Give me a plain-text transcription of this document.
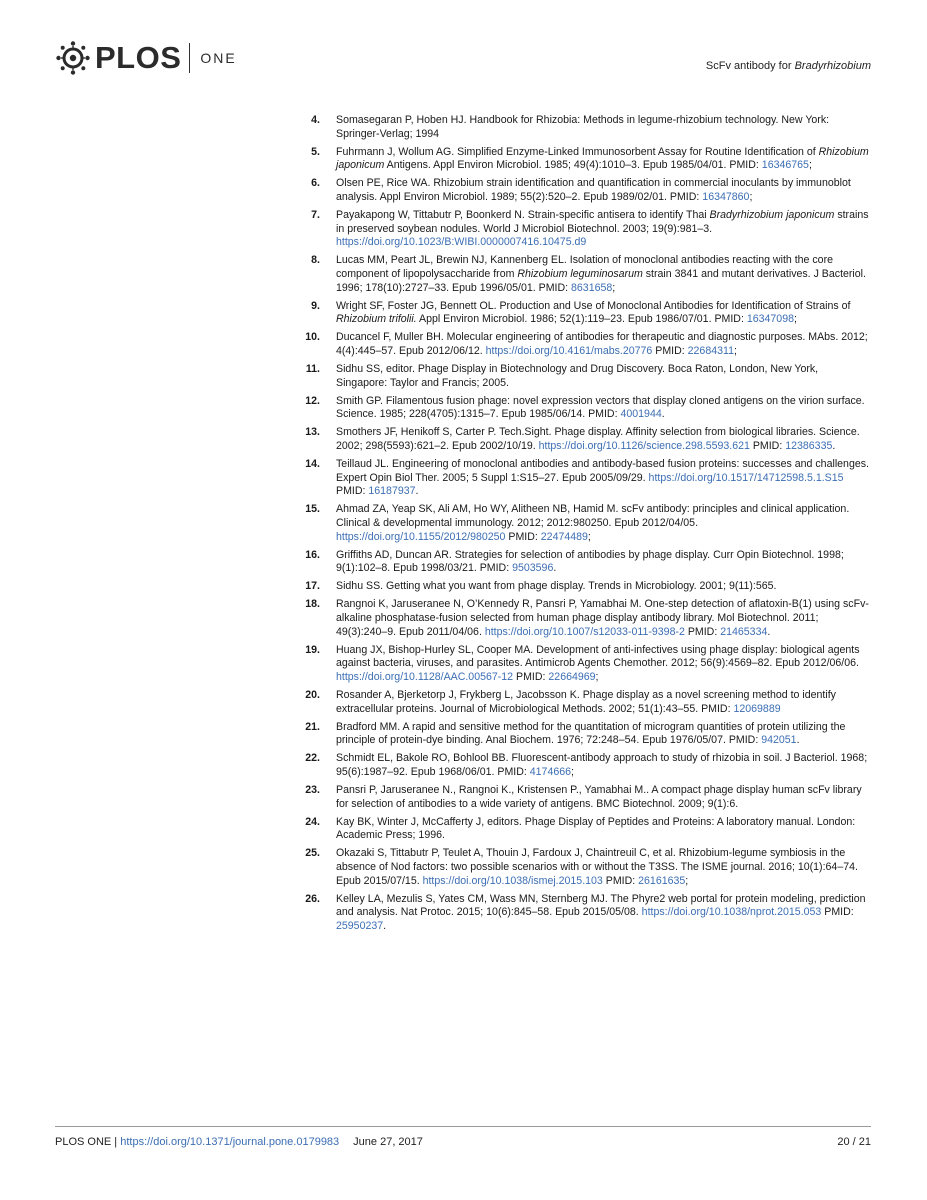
PLOS ONE	ScFv antibody for Bradyrhizobium
4. Somasegaran P, Hoben HJ. Handbook for Rhizobia: Methods in legume-rhizobium technology. New York: Springer-Verlag; 1994
5. Fuhrmann J, Wollum AG. Simplified Enzyme-Linked Immunosorbent Assay for Routine Identification of Rhizobium japonicum Antigens. Appl Environ Microbiol. 1985; 49(4):1010–3. Epub 1985/04/01. PMID: 16346765;
6. Olsen PE, Rice WA. Rhizobium strain identification and quantification in commercial inoculants by immunoblot analysis. Appl Environ Microbiol. 1989; 55(2):520–2. Epub 1989/02/01. PMID: 16347860;
7. Payakapong W, Tittabutr P, Boonkerd N. Strain-specific antisera to identify Thai Bradyrhizobium japonicum strains in preserved soybean nodules. World J Microbiol Biotechnol. 2003; 19(9):981–3. https://doi.org/10.1023/B:WIBI.0000007416.10475.d9
8. Lucas MM, Peart JL, Brewin NJ, Kannenberg EL. Isolation of monoclonal antibodies reacting with the core component of lipopolysaccharide from Rhizobium leguminosarum strain 3841 and mutant derivatives. J Bacteriol. 1996; 178(10):2727–33. Epub 1996/05/01. PMID: 8631658;
9. Wright SF, Foster JG, Bennett OL. Production and Use of Monoclonal Antibodies for Identification of Strains of Rhizobium trifolii. Appl Environ Microbiol. 1986; 52(1):119–23. Epub 1986/07/01. PMID: 16347098;
10. Ducancel F, Muller BH. Molecular engineering of antibodies for therapeutic and diagnostic purposes. MAbs. 2012; 4(4):445–57. Epub 2012/06/12. https://doi.org/10.4161/mabs.20776 PMID: 22684311;
11. Sidhu SS, editor. Phage Display in Biotechnology and Drug Discovery. Boca Raton, London, New York, Singapore: Taylor and Francis; 2005.
12. Smith GP. Filamentous fusion phage: novel expression vectors that display cloned antigens on the virion surface. Science. 1985; 228(4705):1315–7. Epub 1985/06/14. PMID: 4001944.
13. Smothers JF, Henikoff S, Carter P. Tech.Sight. Phage display. Affinity selection from biological libraries. Science. 2002; 298(5593):621–2. Epub 2002/10/19. https://doi.org/10.1126/science.298.5593.621 PMID: 12386335.
14. Teillaud JL. Engineering of monoclonal antibodies and antibody-based fusion proteins: successes and challenges. Expert Opin Biol Ther. 2005; 5 Suppl 1:S15–27. Epub 2005/09/29. https://doi.org/10.1517/14712598.5.1.S15 PMID: 16187937.
15. Ahmad ZA, Yeap SK, Ali AM, Ho WY, Alitheen NB, Hamid M. scFv antibody: principles and clinical application. Clinical & developmental immunology. 2012; 2012:980250. Epub 2012/04/05. https://doi.org/10.1155/2012/980250 PMID: 22474489;
16. Griffiths AD, Duncan AR. Strategies for selection of antibodies by phage display. Curr Opin Biotechnol. 1998; 9(1):102–8. Epub 1998/03/21. PMID: 9503596.
17. Sidhu SS. Getting what you want from phage display. Trends in Microbiology. 2001; 9(11):565.
18. Rangnoi K, Jaruseranee N, O’Kennedy R, Pansri P, Yamabhai M. One-step detection of aflatoxin-B(1) using scFv-alkaline phosphatase-fusion selected from human phage display antibody library. Mol Biotechnol. 2011; 49(3):240–9. Epub 2011/04/06. https://doi.org/10.1007/s12033-011-9398-2 PMID: 21465334.
19. Huang JX, Bishop-Hurley SL, Cooper MA. Development of anti-infectives using phage display: biological agents against bacteria, viruses, and parasites. Antimicrob Agents Chemother. 2012; 56(9):4569–82. Epub 2012/06/06. https://doi.org/10.1128/AAC.00567-12 PMID: 22664969;
20. Rosander A, Bjerketorp J, Frykberg L, Jacobsson K. Phage display as a novel screening method to identify extracellular proteins. Journal of Microbiological Methods. 2002; 51(1):43–55. PMID: 12069889
21. Bradford MM. A rapid and sensitive method for the quantitation of microgram quantities of protein utilizing the principle of protein-dye binding. Anal Biochem. 1976; 72:248–54. Epub 1976/05/07. PMID: 942051.
22. Schmidt EL, Bakole RO, Bohlool BB. Fluorescent-antibody approach to study of rhizobia in soil. J Bacteriol. 1968; 95(6):1987–92. Epub 1968/06/01. PMID: 4174666;
23. Pansri P, Jaruseranee N., Rangnoi K., Kristensen P., Yamabhai M.. A compact phage display human scFv library for selection of antibodies to a wide variety of antigens. BMC Biotechnol. 2009; 9(1):6.
24. Kay BK, Winter J, McCafferty J, editors. Phage Display of Peptides and Proteins: A laboratory manual. London: Academic Press; 1996.
25. Okazaki S, Tittabutr P, Teulet A, Thouin J, Fardoux J, Chaintreuil C, et al. Rhizobium-legume symbiosis in the absence of Nod factors: two possible scenarios with or without the T3SS. The ISME journal. 2016; 10(1):64–74. Epub 2015/07/15. https://doi.org/10.1038/ismej.2015.103 PMID: 26161635;
26. Kelley LA, Mezulis S, Yates CM, Wass MN, Sternberg MJ. The Phyre2 web portal for protein modeling, prediction and analysis. Nat Protoc. 2015; 10(6):845–58. Epub 2015/05/08. https://doi.org/10.1038/nprot.2015.053 PMID: 25950237.
PLOS ONE | https://doi.org/10.1371/journal.pone.0179983 June 27, 2017	20 / 21
